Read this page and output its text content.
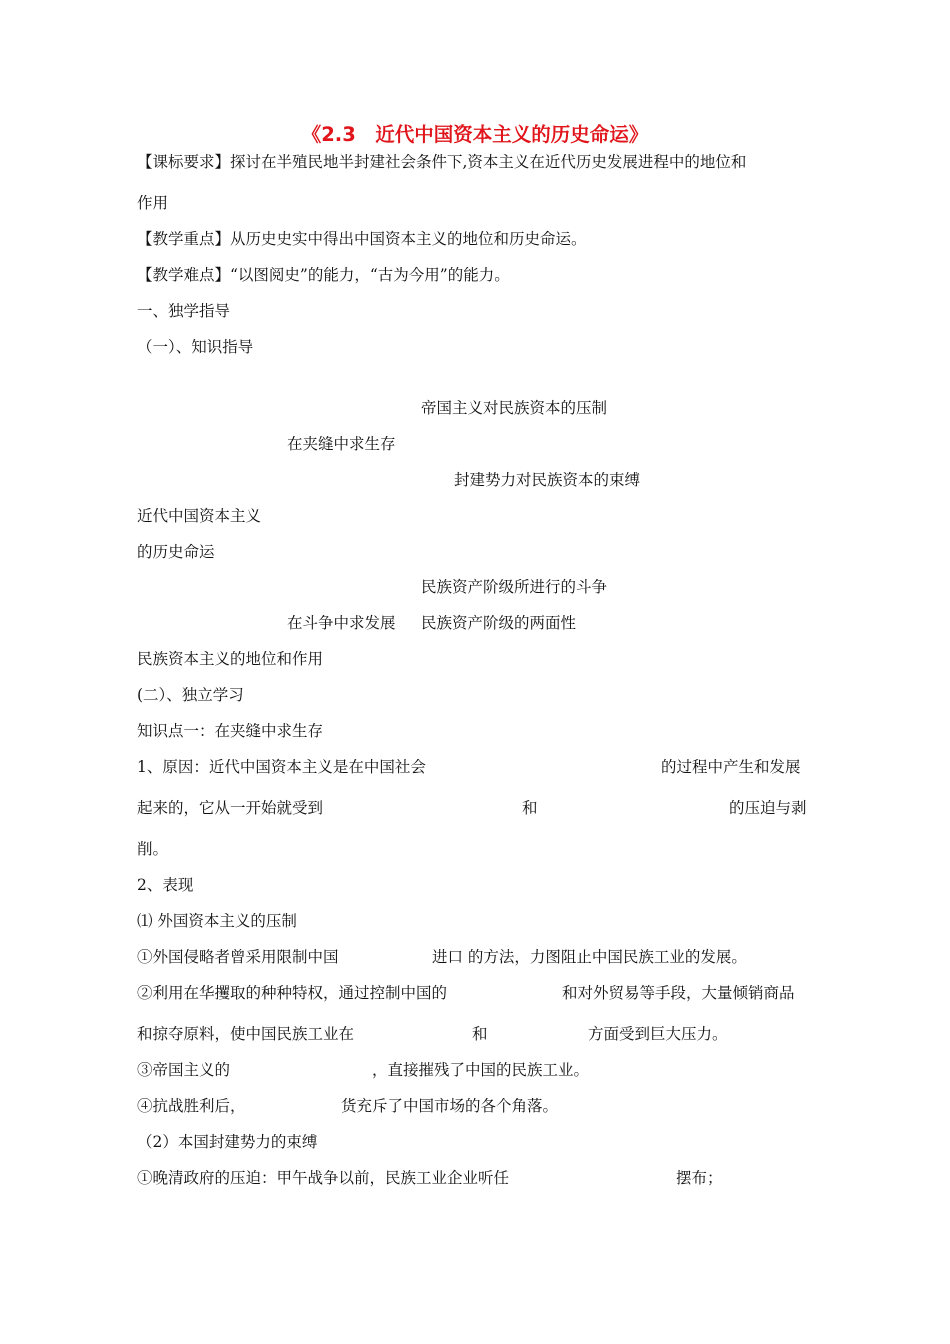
《2.3　近代中国资本主义的历史命运》
【课标要求】探讨在半殖民地半封建社会条件下,资本主义在近代历史发展进程中的地位和
作用
【教学重点】从历史史实中得出中国资本主义的地位和历史命运。
【教学难点】“以图阅史”的能力，“古为今用”的能力。
一、独学指导
（一）、知识指导
帝国主义对民族资本的压制
在夹缝中求生存
封建势力对民族资本的束缚
近代中国资本主义
的历史命运
民族资产阶级所进行的斗争
在斗争中求发展 民族资产阶级的两面性
民族资本主义的地位和作用
(二）、独立学习
知识点一：在夹缝中求生存
1、原因：近代中国资本主义是在中国社会	的过程中产生和发展
起来的，它从一开始就受到	和	的压迫与剥
削。
2、表现
⑴ 外国资本主义的压制
①外国侵略者曾采用限制中国	进口 的方法，力图阻止中国民族工业的发展。
②利用在华攫取的种种特权，通过控制中国的	和对外贸易等手段，大量倾销商品
和掠夺原料，使中国民族工业在	和	方面受到巨大压力。
③帝国主义的	，直接摧残了中国的民族工业。
④抗战胜利后，	货充斥了中国市场的各个角落。
（2）本国封建势力的束缚
①晚清政府的压迫：甲午战争以前，民族工业企业听任	摆布；
